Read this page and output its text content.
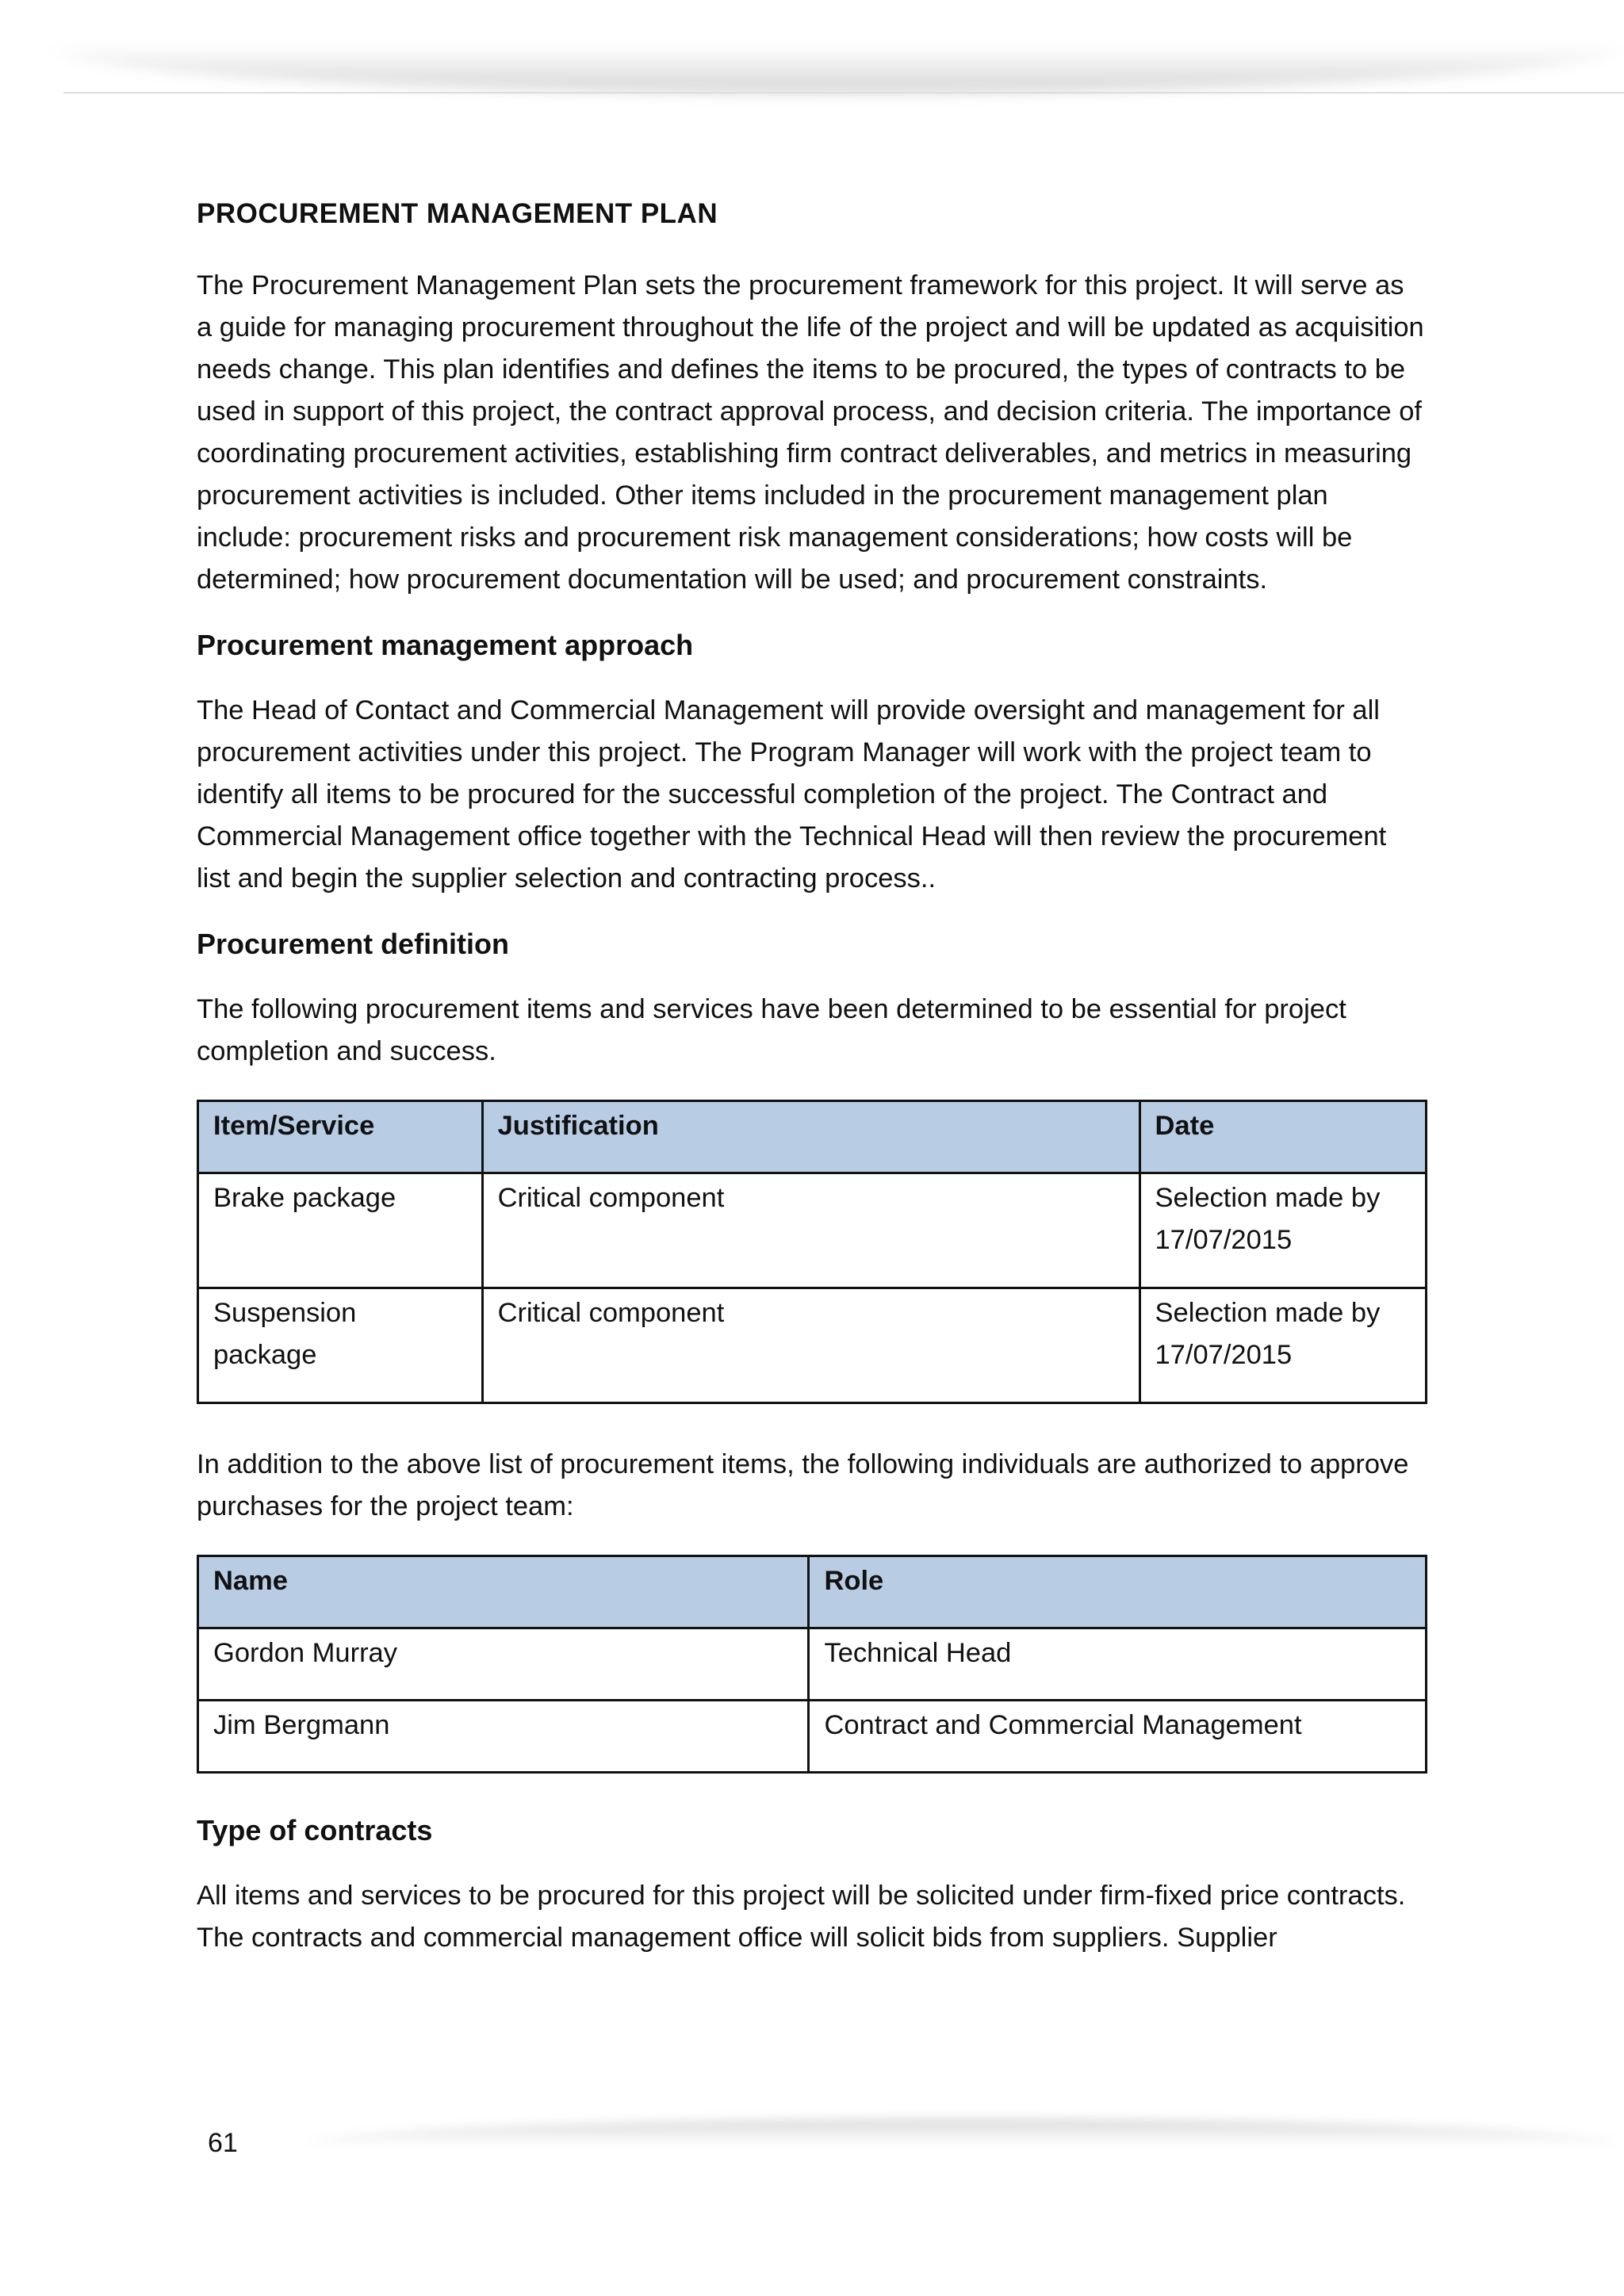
PROCUREMENT MANAGEMENT PLAN

The Procurement Management Plan sets the procurement framework for this project. It will serve as a guide for managing procurement throughout the life of the project and will be updated as acquisition needs change. This plan identifies and defines the items to be procured, the types of contracts to be used in support of this project, the contract approval process, and decision criteria. The importance of coordinating procurement activities, establishing firm contract deliverables, and metrics in measuring procurement activities is included. Other items included in the procurement management plan include: procurement risks and procurement risk management considerations; how costs will be determined; how procurement documentation will be used; and procurement constraints.

Procurement management approach

The Head of Contact and Commercial Management will provide oversight and management for all procurement activities under this project. The Program Manager will work with the project team to identify all items to be procured for the successful completion of the project. The Contract and Commercial Management office together with the Technical Head will then review the procurement list and begin the supplier selection and contracting process..

Procurement definition

The following procurement items and services have been determined to be essential for project completion and success.

Item/Service	Justification	Date
Brake package	Critical component	Selection made by 17/07/2015
Suspension package	Critical component	Selection made by 17/07/2015

In addition to the above list of procurement items, the following individuals are authorized to approve purchases for the project team:

Name	Role
Gordon Murray	Technical Head
Jim Bergmann	Contract and Commercial Management
Type of contracts

All items and services to be procured for this project will be solicited under firm-fixed price contracts. The contracts and commercial management office will solicit bids from suppliers. Supplier

61
